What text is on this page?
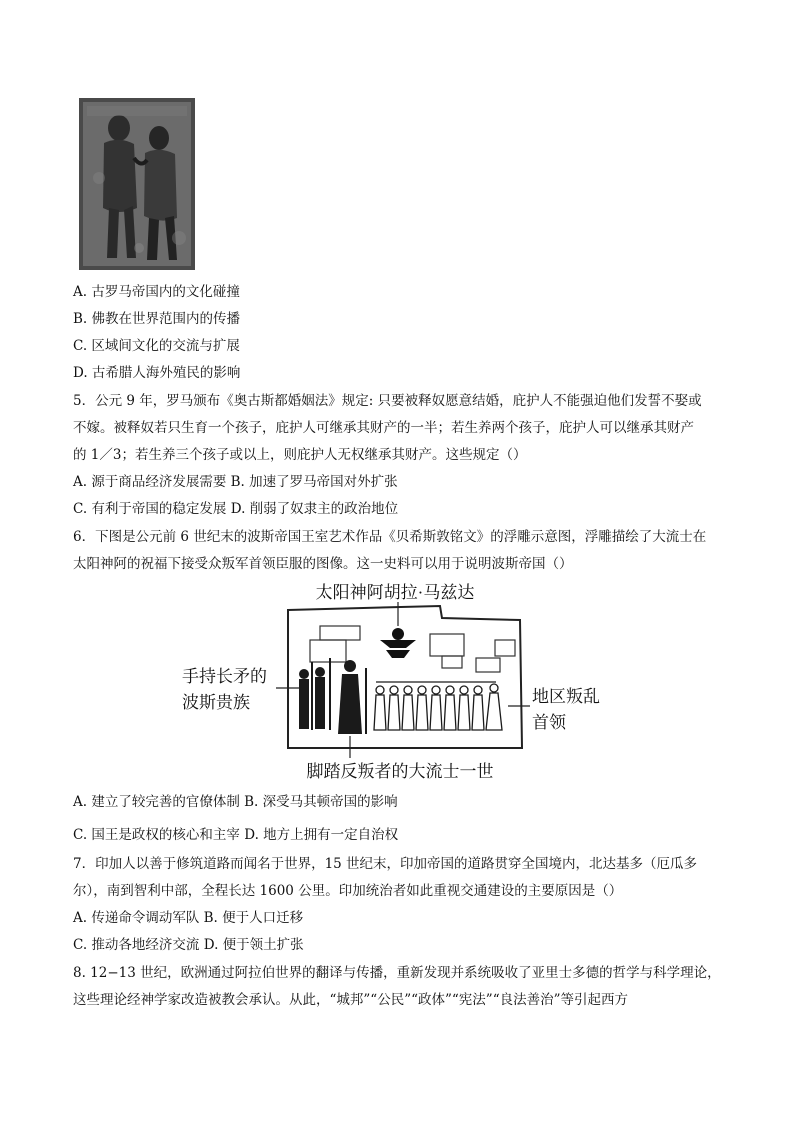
A. 古罗马帝国内的文化碰撞
B. 佛教在世界范围内的传播
C. 区域间文化的交流与扩展
D. 古希腊人海外殖民的影响
5．公元 9 年，罗马颁布《奥古斯都婚姻法》规定: 只要被释奴愿意结婚，庇护人不能强迫他们发誓不娶或
不嫁。被释奴若只生育一个孩子，庇护人可继承其财产的一半；若生养两个孩子，庇护人可以继承其财产
的 1／3；若生养三个孩子或以上，则庇护人无权继承其财产。这些规定（）
A. 源于商品经济发展需要 B. 加速了罗马帝国对外扩张
C. 有利于帝国的稳定发展 D. 削弱了奴隶主的政治地位
6．下图是公元前 6 世纪末的波斯帝国王室艺术作品《贝希斯敦铭文》的浮雕示意图，浮雕描绘了大流士在
太阳神阿的祝福下接受众叛军首领臣服的图像。这一史料可以用于说明波斯帝国（）
太阳神阿胡拉·马兹达
手持长矛的
波斯贵族	地区叛乱
首领
脚踏反叛者的大流士一世
A. 建立了较完善的官僚体制 B. 深受马其顿帝国的影响
C. 国王是政权的核心和主宰 D. 地方上拥有一定自治权
7．印加人以善于修筑道路而闻名于世界，15 世纪末，印加帝国的道路贯穿全国境内，北达基多（厄瓜多
尔），南到智利中部，全程长达 1600 公里。印加统治者如此重视交通建设的主要原因是（）
A. 传递命令调动军队 B. 便于人口迁移
C. 推动各地经济交流 D. 便于领土扩张
8. 12−13 世纪，欧洲通过阿拉伯世界的翻译与传播，重新发现并系统吸收了亚里士多德的哲学与科学理论，
这些理论经神学家改造被教会承认。从此，“城邦”“公民”“政体”“宪法”“良法善治”等引起西方
